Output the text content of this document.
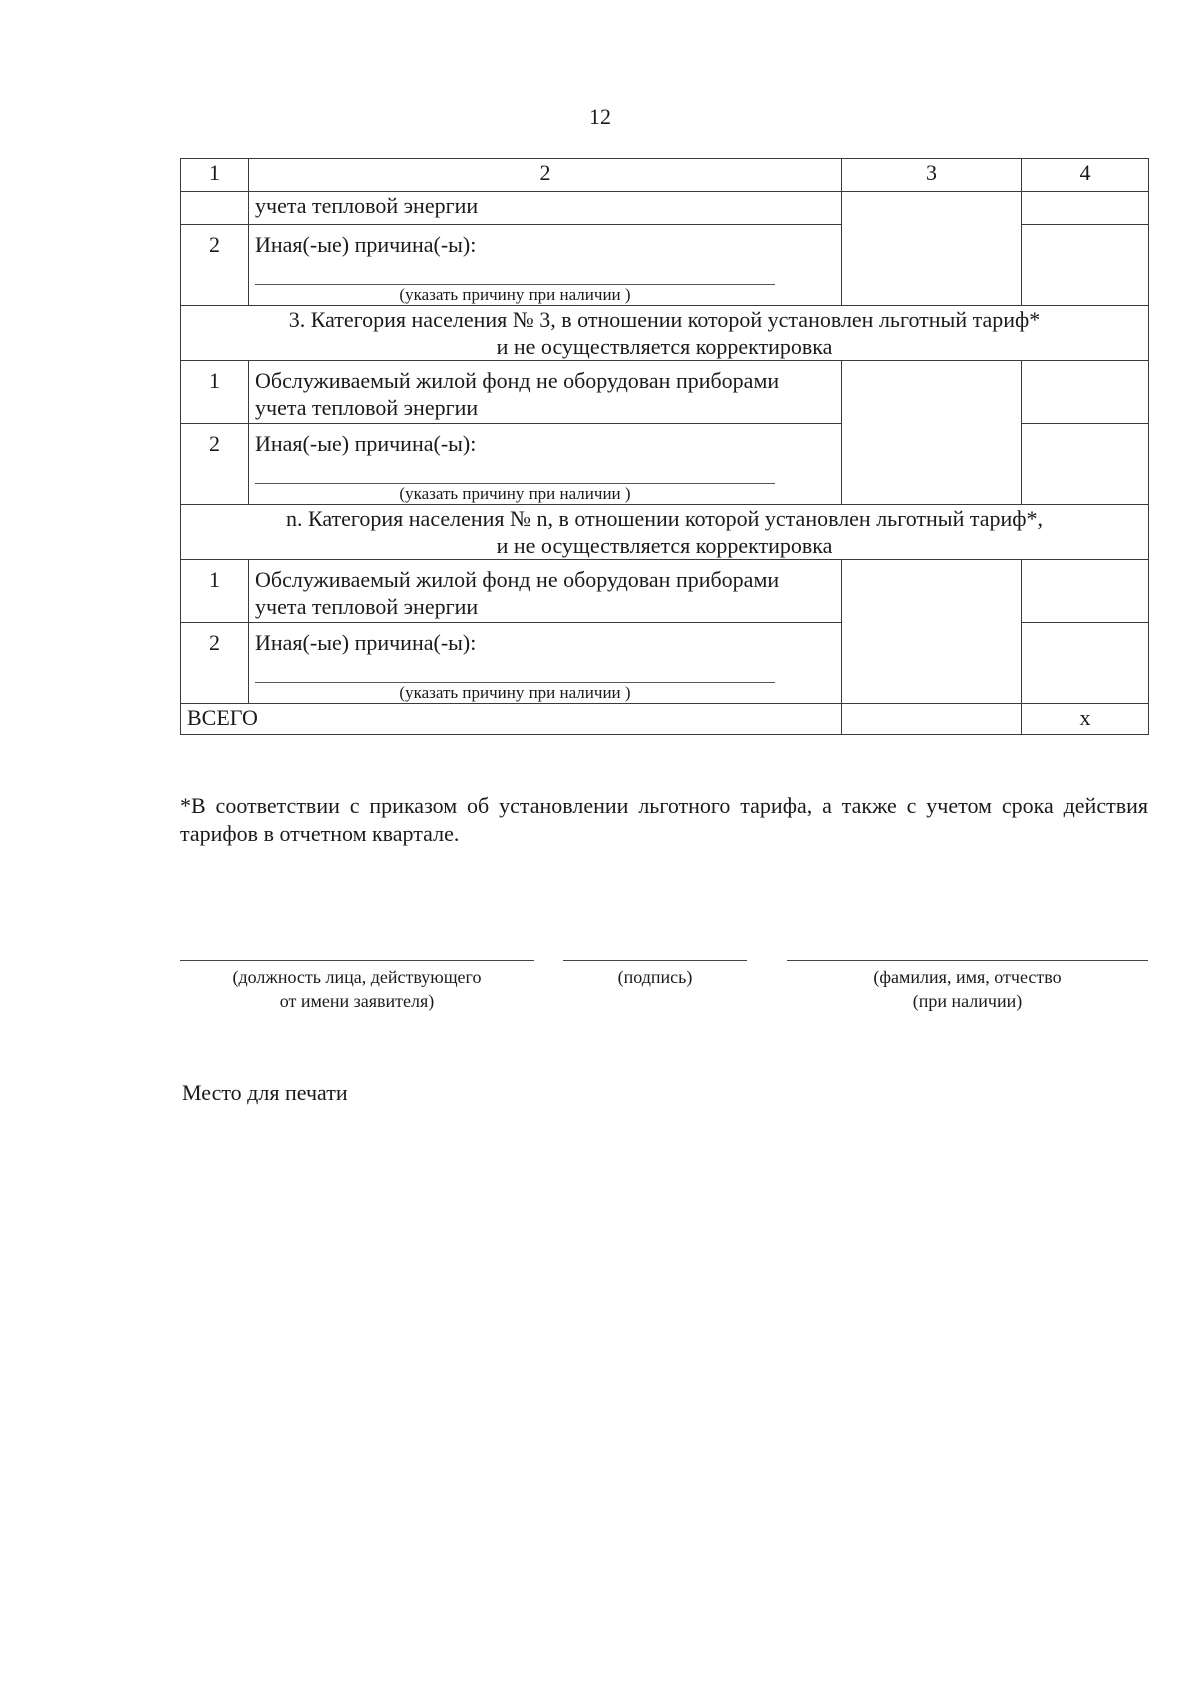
12
1	2	3	4
	учета тепловой энергии		
2	Иная(-ые) причина(-ы):
(указать причину при наличии )		

3. Категория населения № 3, в отношении которой установлен льготный тариф*
и не осуществляется корректировка			

1	Обслуживаемый жилой фонд не оборудован приборами
учета тепловой энергии		

2	Иная(-ые) причина(-ы):
(указать причину при наличии )		

n. Категория населения № n, в отношении которой установлен льготный тариф*,
и не осуществляется корректировка			

1	Обслуживаемый жилой фонд не оборудован приборами
учета тепловой энергии		

2	Иная(-ые) причина(-ы):
(указать причину при наличии )		

ВСЕГО			x
*В соответствии с приказом об установлении льготного тарифа, а также с учетом срока действия тарифов в отчетном квартале.
(должность лица, действующего
от имени заявителя)
(подпись)	(фамилия, имя, отчество
(при наличии)
Место для печати
